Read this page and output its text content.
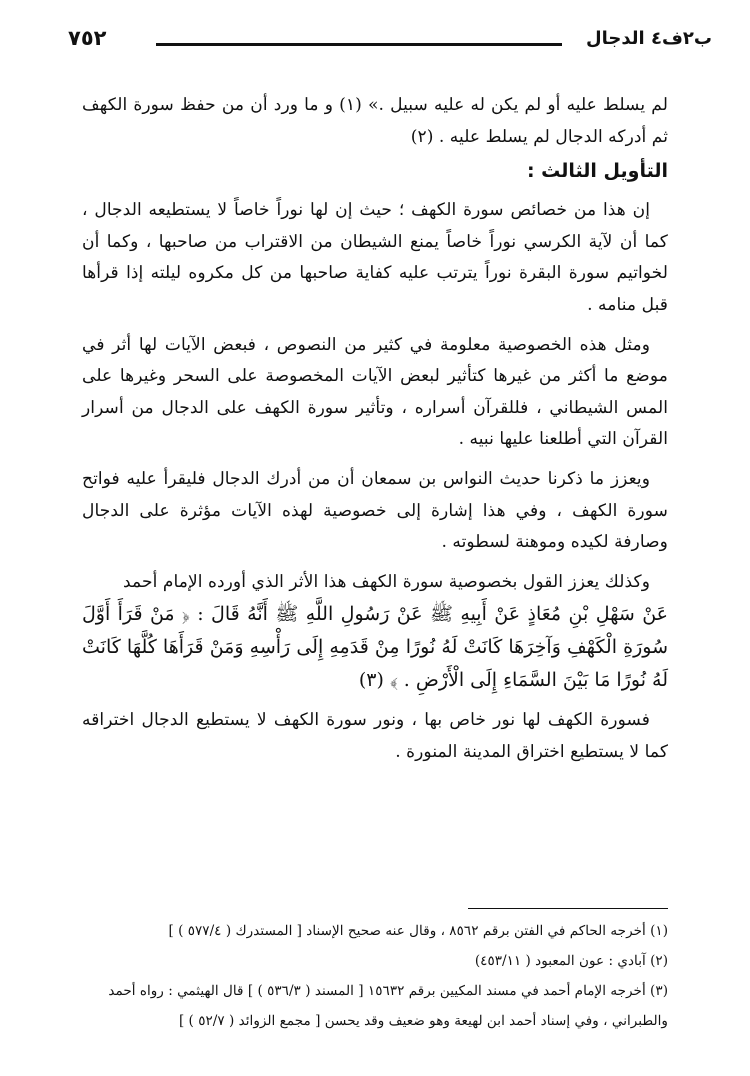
ب٢ف٤ الدجال
٧٥٢

لم يسلط عليه أو لم يكن له عليه سبيل .» (١) و ما ورد أن من حفظ سورة الكهف ثم أدركه الدجال لم يسلط عليه . (٢)

التأويل الثالث :

إن هذا من خصائص سورة الكهف ؛ حيث إن لها نوراً خاصاً لا يستطيعه الدجال ، كما أن لآية الكرسي نوراً خاصاً يمنع الشيطان من الاقتراب من صاحبها ، وكما أن لخواتيم سورة البقرة نوراً يترتب عليه كفاية صاحبها من كل مكروه ليلته إذا قرأها قبل منامه .

ومثل هذه الخصوصية معلومة في كثير من النصوص ، فبعض الآيات لها أثر في موضع ما أكثر من غيرها كتأثير لبعض الآيات المخصوصة على السحر وغيرها على المس الشيطاني ، فللقرآن أسراره ، وتأثير سورة الكهف على الدجال من أسرار القرآن التي أطلعنا عليها نبيه .

ويعزز ما ذكرنا حديث النواس بن سمعان أن من أدرك الدجال فليقرأ عليه فواتح سورة الكهف ، وفي هذا إشارة إلى خصوصية لهذه الآيات مؤثرة على الدجال وصارفة لكيده وموهنة لسطوته .

وكذلك يعزز القول بخصوصية سورة الكهف هذا الأثر الذي أورده الإمام أحمد

عَنْ سَهْلِ بْنِ مُعَاذٍ عَنْ أَبِيهِ ﷺ عَنْ رَسُولِ اللَّهِ ﷺ أَنَّهُ قَالَ : ﴿ مَنْ قَرَأَ أَوَّلَ سُورَةِ الْكَهْفِ وَآخِرَهَا كَانَتْ لَهُ نُورًا مِنْ قَدَمِهِ إِلَى رَأْسِهِ وَمَنْ قَرَأَهَا كُلَّهَا كَانَتْ لَهُ نُورًا مَا بَيْنَ السَّمَاءِ إِلَى الْأَرْضِ . ﴾ (٣)

فسورة الكهف لها نور خاص بها ، ونور سورة الكهف لا يستطيع الدجال اختراقه كما لا يستطيع اختراق المدينة المنورة .

(١) أخرجه الحاكم في الفتن برقم ٨٥٦٢ ، وقال عنه صحيح الإسناد [ المستدرك ( ٥٧٧/٤ ) ]

(٢) آبادي : عون المعبود ( ٤٥٣/١١)

(٣) أخرجه الإمام أحمد في مسند المكيين برقم ١٥٦٣٢ [ المسند ( ٥٣٦/٣ ) ] قال الهيثمي : رواه أحمد والطبراني ، وفي إسناد أحمد ابن لهيعة وهو ضعيف وقد يحسن [ مجمع الزوائد ( ٥٢/٧ ) ]
